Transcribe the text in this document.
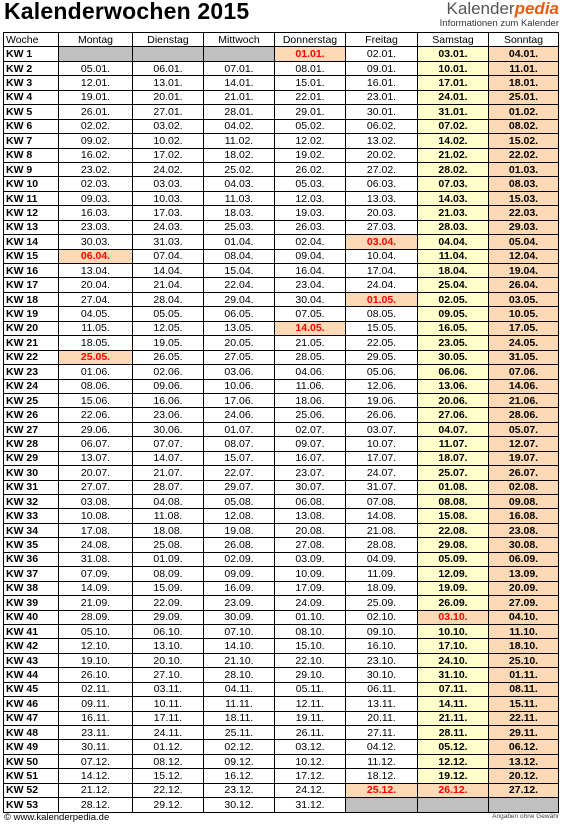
Kalenderwochen 2015	Kalenderpedia
Informationen zum Kalender
Woche	Montag	Dienstag	Mittwoch	Donnerstag	Freitag	Samstag	Sonntag
KW 1				01.01.	02.01.	03.01.	04.01.
KW 2	05.01.	06.01.	07.01.	08.01.	09.01.	10.01.	11.01.
KW 3	12.01.	13.01.	14.01.	15.01.	16.01.	17.01.	18.01.
KW 4	19.01.	20.01.	21.01.	22.01.	23.01.	24.01.	25.01.
KW 5	26.01.	27.01.	28.01.	29.01.	30.01.	31.01.	01.02.
KW 6	02.02.	03.02.	04.02.	05.02.	06.02.	07.02.	08.02.
KW 7	09.02.	10.02.	11.02.	12.02.	13.02.	14.02.	15.02.
KW 8	16.02.	17.02.	18.02.	19.02.	20.02.	21.02.	22.02.
KW 9	23.02.	24.02.	25.02.	26.02.	27.02.	28.02.	01.03.
KW 10	02.03.	03.03.	04.03.	05.03.	06.03.	07.03.	08.03.
KW 11	09.03.	10.03.	11.03.	12.03.	13.03.	14.03.	15.03.
KW 12	16.03.	17.03.	18.03.	19.03.	20.03.	21.03.	22.03.
KW 13	23.03.	24.03.	25.03.	26.03.	27.03.	28.03.	29.03.
KW 14	30.03.	31.03.	01.04.	02.04.	03.04.	04.04.	05.04.
KW 15	06.04.	07.04.	08.04.	09.04.	10.04.	11.04.	12.04.
KW 16	13.04.	14.04.	15.04.	16.04.	17.04.	18.04.	19.04.
KW 17	20.04.	21.04.	22.04.	23.04.	24.04.	25.04.	26.04.
KW 18	27.04.	28.04.	29.04.	30.04.	01.05.	02.05.	03.05.
KW 19	04.05.	05.05.	06.05.	07.05.	08.05.	09.05.	10.05.
KW 20	11.05.	12.05.	13.05.	14.05.	15.05.	16.05.	17.05.
KW 21	18.05.	19.05.	20.05.	21.05.	22.05.	23.05.	24.05.
KW 22	25.05.	26.05.	27.05.	28.05.	29.05.	30.05.	31.05.
KW 23	01.06.	02.06.	03.06.	04.06.	05.06.	06.06.	07.06.
KW 24	08.06.	09.06.	10.06.	11.06.	12.06.	13.06.	14.06.
KW 25	15.06.	16.06.	17.06.	18.06.	19.06.	20.06.	21.06.
KW 26	22.06.	23.06.	24.06.	25.06.	26.06.	27.06.	28.06.
KW 27	29.06.	30.06.	01.07.	02.07.	03.07.	04.07.	05.07.
KW 28	06.07.	07.07.	08.07.	09.07.	10.07.	11.07.	12.07.
KW 29	13.07.	14.07.	15.07.	16.07.	17.07.	18.07.	19.07.
KW 30	20.07.	21.07.	22.07.	23.07.	24.07.	25.07.	26.07.
KW 31	27.07.	28.07.	29.07.	30.07.	31.07.	01.08.	02.08.
KW 32	03.08.	04.08.	05.08.	06.08.	07.08.	08.08.	09.08.
KW 33	10.08.	11.08.	12.08.	13.08.	14.08.	15.08.	16.08.
KW 34	17.08.	18.08.	19.08.	20.08.	21.08.	22.08.	23.08.
KW 35	24.08.	25.08.	26.08.	27.08.	28.08.	29.08.	30.08.
KW 36	31.08.	01.09.	02.09.	03.09.	04.09.	05.09.	06.09.
KW 37	07.09.	08.09.	09.09.	10.09.	11.09.	12.09.	13.09.
KW 38	14.09.	15.09.	16.09.	17.09.	18.09.	19.09.	20.09.
KW 39	21.09.	22.09.	23.09.	24.09.	25.09.	26.09.	27.09.
KW 40	28.09.	29.09.	30.09.	01.10.	02.10.	03.10.	04.10.
KW 41	05.10.	06.10.	07.10.	08.10.	09.10.	10.10.	11.10.
KW 42	12.10.	13.10.	14.10.	15.10.	16.10.	17.10.	18.10.
KW 43	19.10.	20.10.	21.10.	22.10.	23.10.	24.10.	25.10.
KW 44	26.10.	27.10.	28.10.	29.10.	30.10.	31.10.	01.11.
KW 45	02.11.	03.11.	04.11.	05.11.	06.11.	07.11.	08.11.
KW 46	09.11.	10.11.	11.11.	12.11.	13.11.	14.11.	15.11.
KW 47	16.11.	17.11.	18.11.	19.11.	20.11.	21.11.	22.11.
KW 48	23.11.	24.11.	25.11.	26.11.	27.11.	28.11.	29.11.
KW 49	30.11.	01.12.	02.12.	03.12.	04.12.	05.12.	06.12.
KW 50	07.12.	08.12.	09.12.	10.12.	11.12.	12.12.	13.12.
KW 51	14.12.	15.12.	16.12.	17.12.	18.12.	19.12.	20.12.
KW 52	21.12.	22.12.	23.12.	24.12.	25.12.	26.12.	27.12.
KW 53	28.12.	29.12.	30.12.	31.12.			
© www.kalenderpedia.de	Angaben ohne Gewähr
